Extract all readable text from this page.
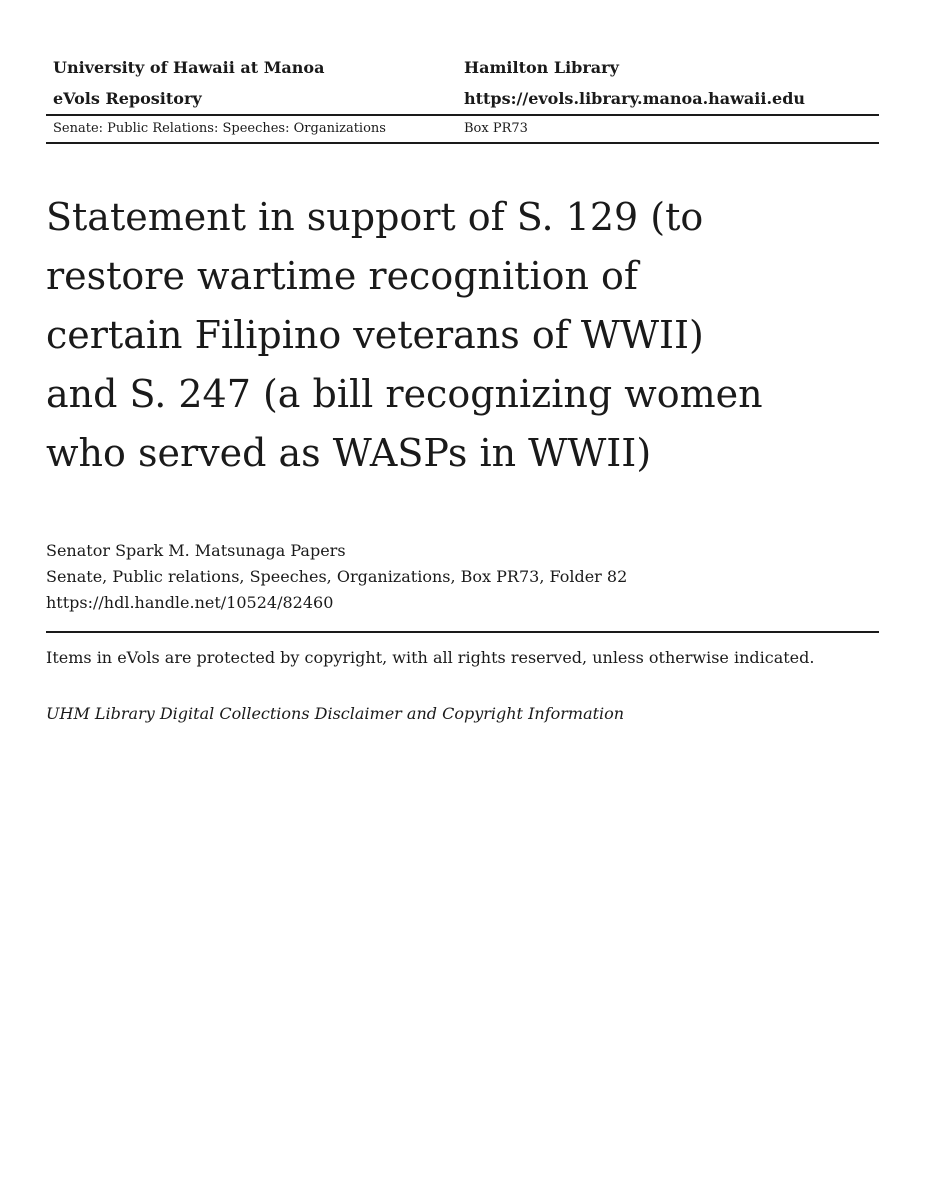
University of Hawaii at Manoa	Hamilton Library
eVols Repository	https://evols.library.manoa.hawaii.edu
Senate: Public Relations: Speeches: Organizations	Box PR73
Statement in support of S. 129 (to
restore wartime recognition of
certain Filipino veterans of WWII)
and S. 247 (a bill recognizing women
who served as WASPs in WWII)
Senator Spark M. Matsunaga Papers
Senate, Public relations, Speeches, Organizations, Box PR73, Folder 82
https://hdl.handle.net/10524/82460
Items in eVols are protected by copyright, with all rights reserved, unless otherwise indicated.
UHM Library Digital Collections Disclaimer and Copyright Information
